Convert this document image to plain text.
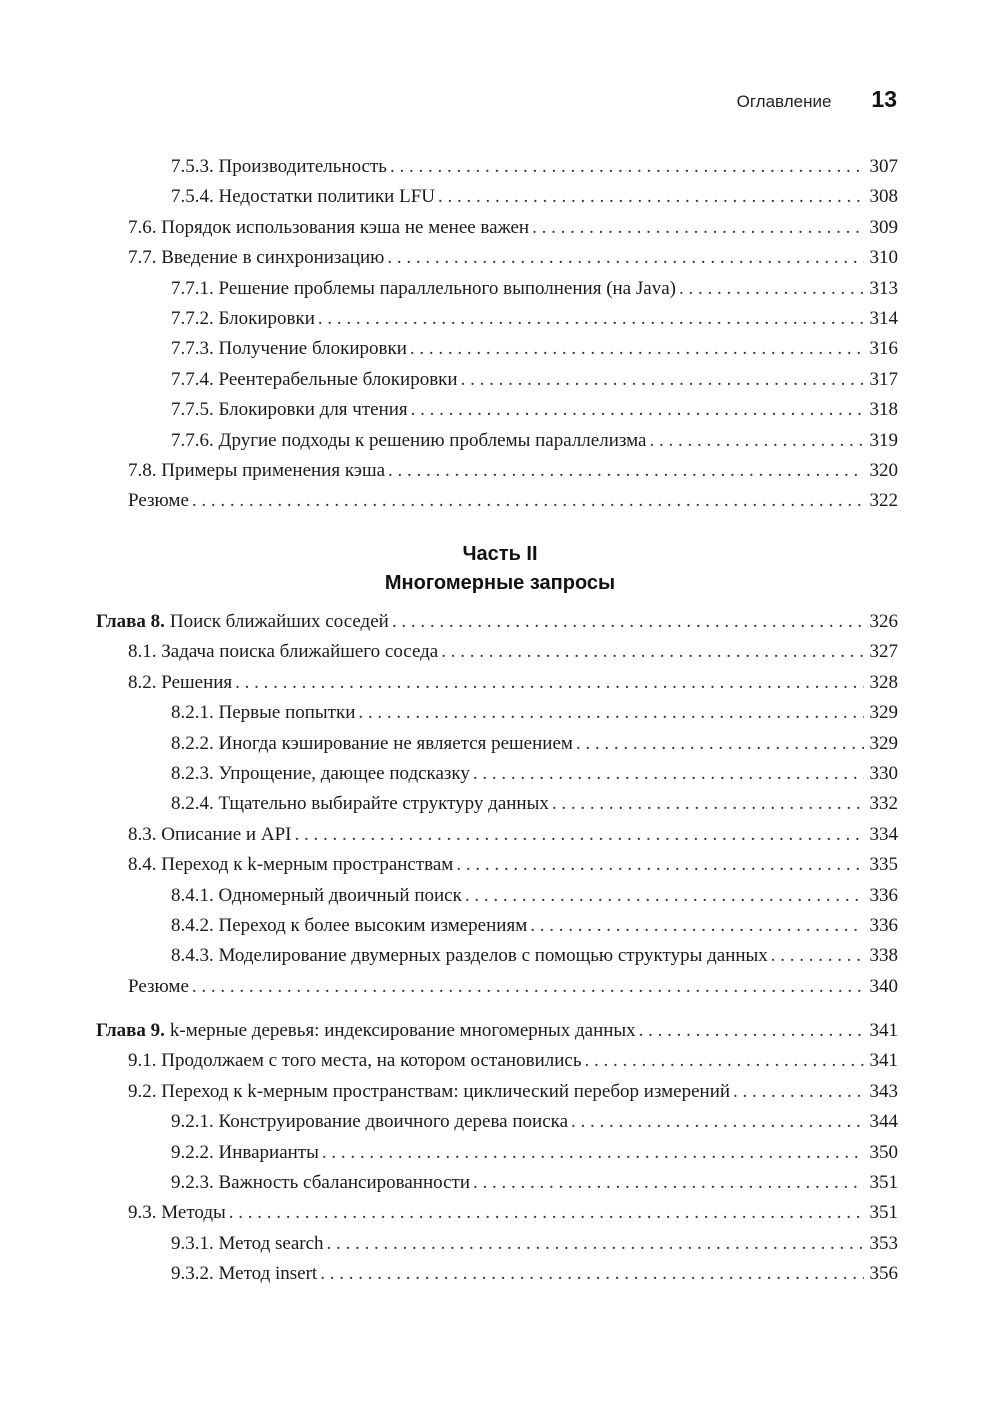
Оглавление 13
7.5.3. Производительность . . .	307
7.5.4. Недостатки политики LFU . . .	308
7.6. Порядок использования кэша не менее важен . . .	309
7.7. Введение в синхронизацию . . .	310
7.7.1. Решение проблемы параллельного выполнения (на Java) . . .	313
7.7.2. Блокировки . . .	314
7.7.3. Получение блокировки . . .	316
7.7.4. Реентерабельные блокировки . . .	317
7.7.5. Блокировки для чтения . . .	318
7.7.6. Другие подходы к решению проблемы параллелизма . . .	319
7.8. Примеры применения кэша . . .	320
Резюме . . .	322
Часть II
Многомерные запросы
Глава 8. Поиск ближайших соседей . . .	326
8.1. Задача поиска ближайшего соседа . . .	327
8.2. Решения . . .	328
8.2.1. Первые попытки . . .	329
8.2.2. Иногда кэширование не является решением . . .	329
8.2.3. Упрощение, дающее подсказку . . .	330
8.2.4. Тщательно выбирайте структуру данных . . .	332
8.3. Описание и API . . .	334
8.4. Переход к k-мерным пространствам . . .	335
8.4.1. Одномерный двоичный поиск . . .	336
8.4.2. Переход к более высоким измерениям . . .	336
8.4.3. Моделирование двумерных разделов с помощью структуры данных . . .	338
Резюме . . .	340
Глава 9. k-мерные деревья: индексирование многомерных данных . . .	341
9.1. Продолжаем с того места, на котором остановились . . .	341
9.2. Переход к k-мерным пространствам: циклический перебор измерений . . .	343
9.2.1. Конструирование двоичного дерева поиска . . .	344
9.2.2. Инварианты . . .	350
9.2.3. Важность сбалансированности . . .	351
9.3. Методы . . .	351
9.3.1. Метод search . . .	353
9.3.2. Метод insert . . .	356
